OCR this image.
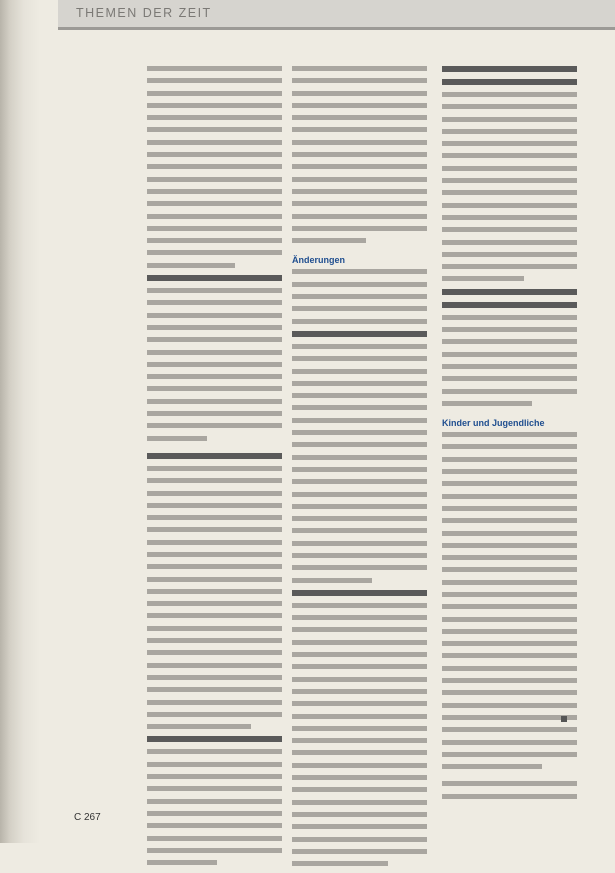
THEMEN DER ZEIT
Änderungen
Kinder und Jugendliche
C 267
